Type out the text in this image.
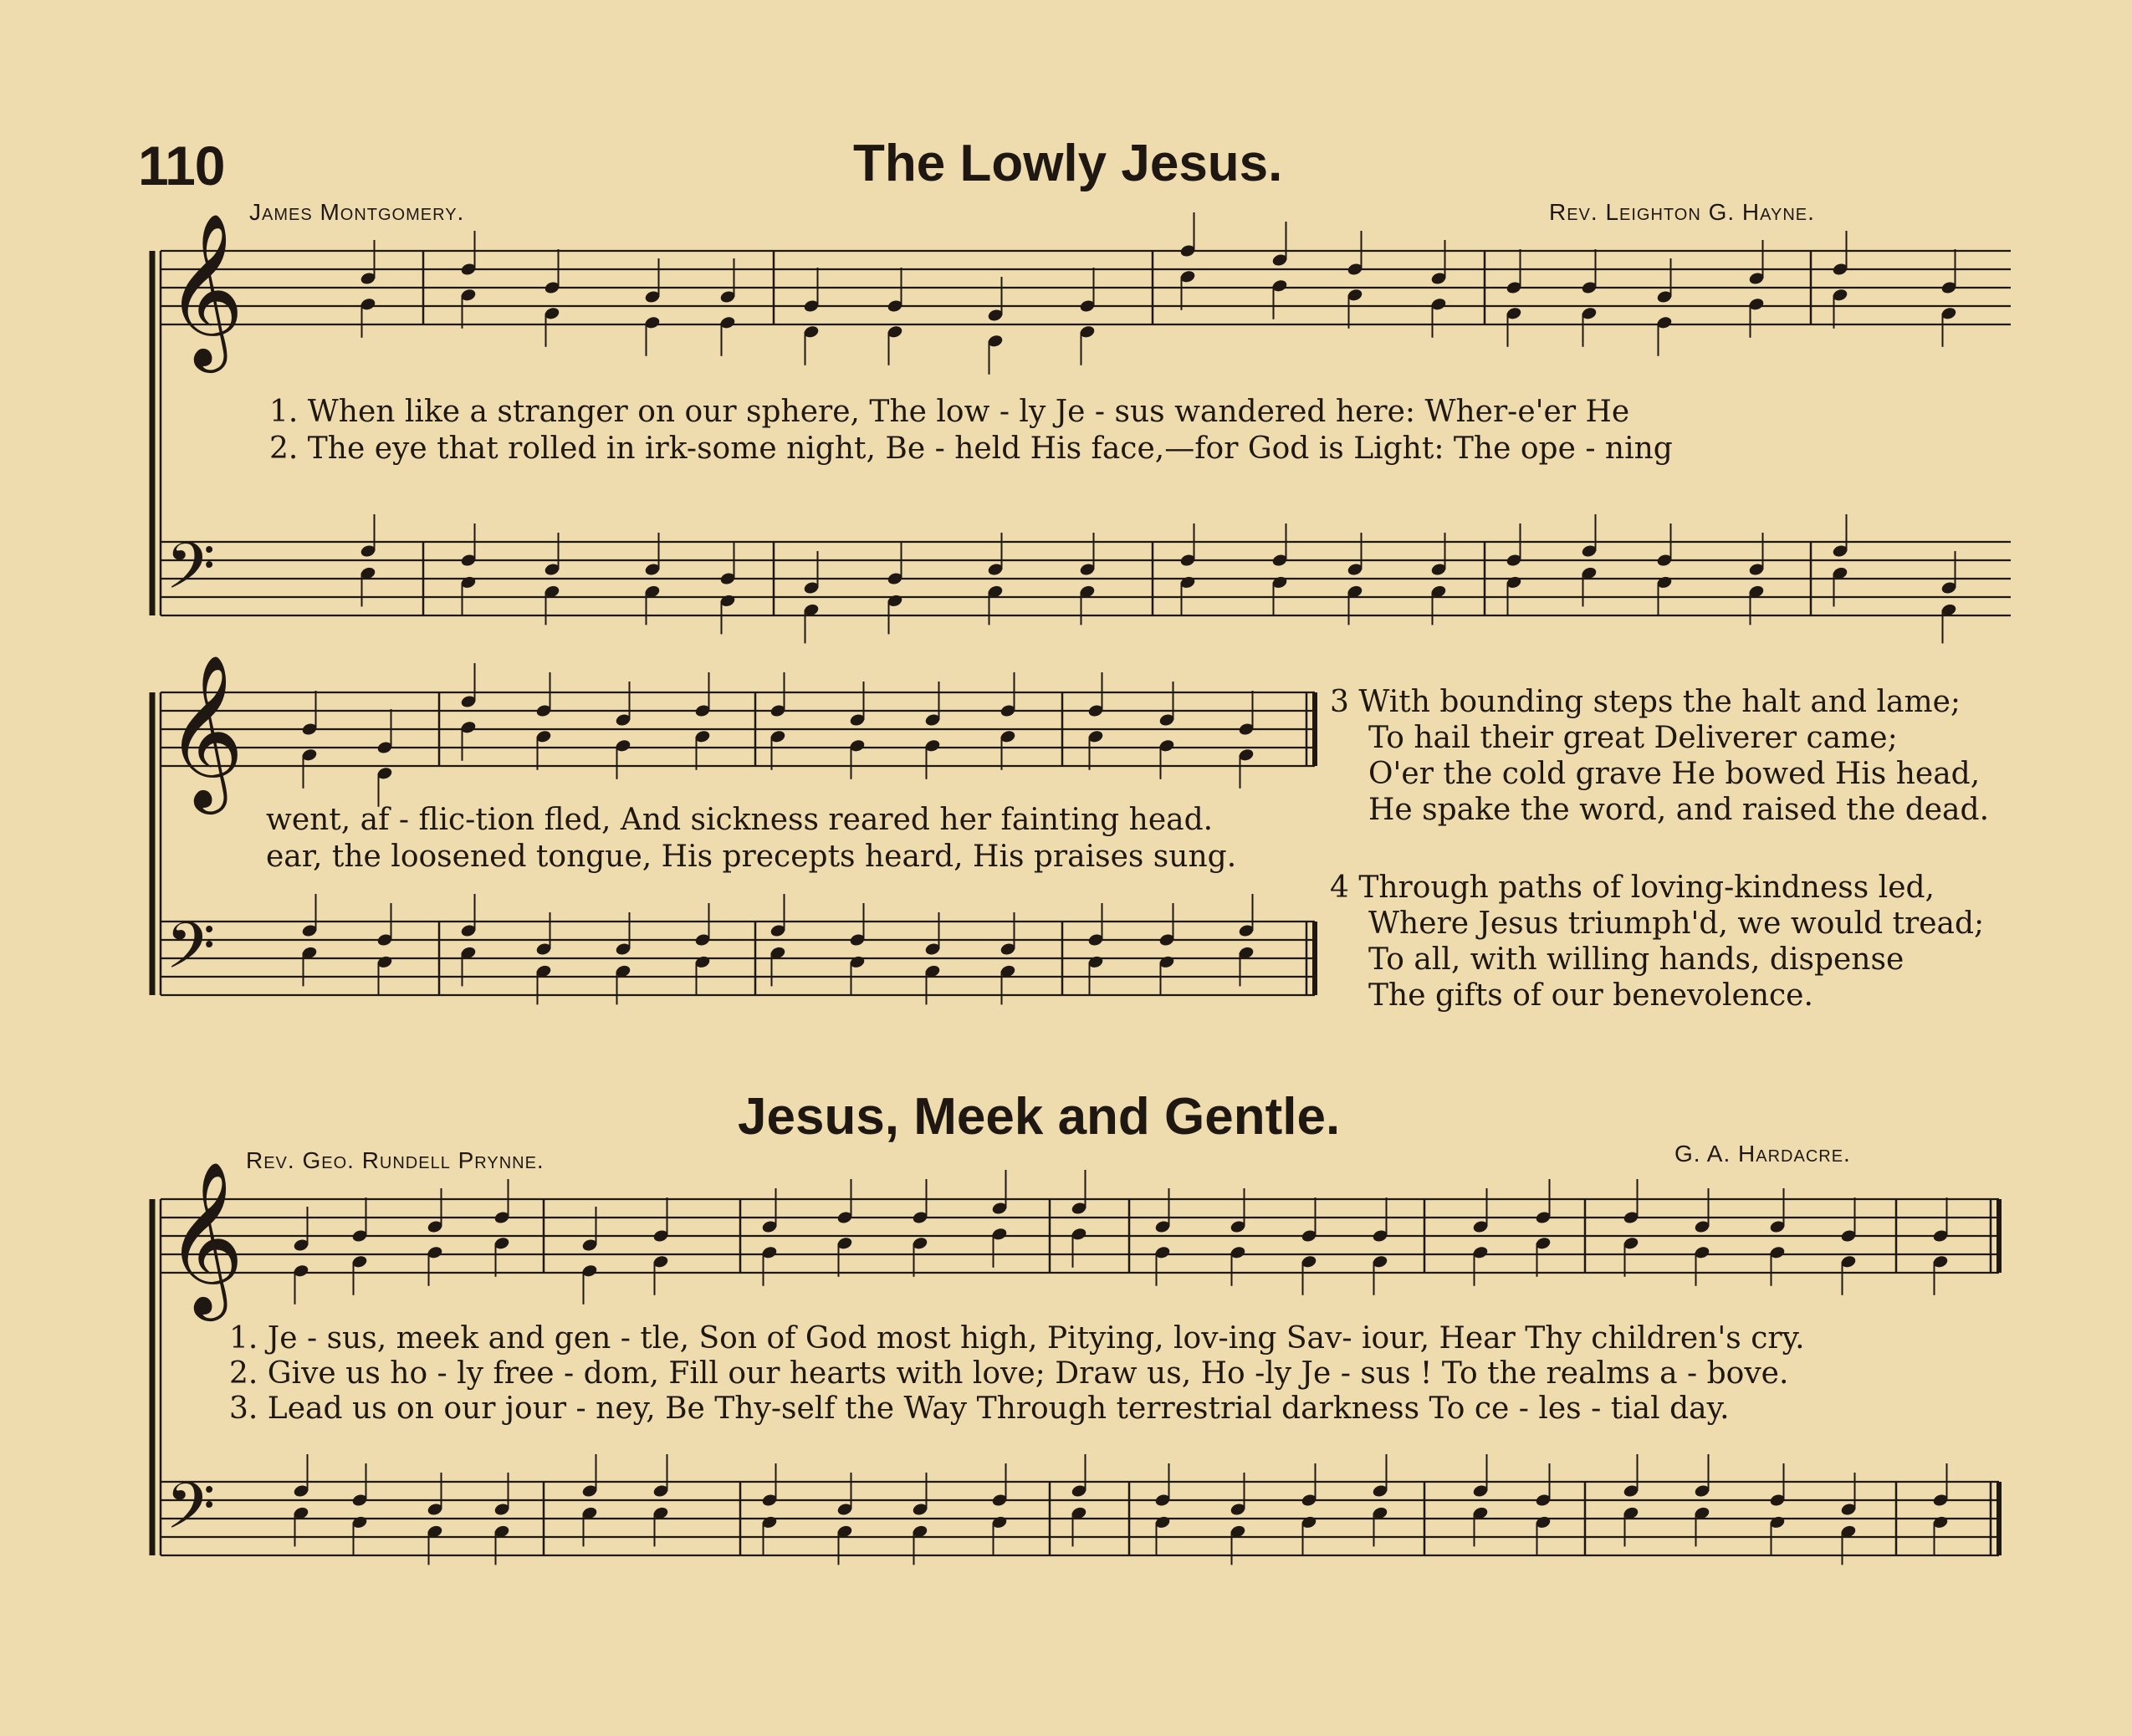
110	The Lowly Jesus.
James Montgomery.	Rev. Leighton G. Hayne.
1. When like a stranger on our sphere, The low - ly Je - sus wandered here: Wher-e'er He
2. The eye that rolled in irk-some night, Be - held His face,—for God is Light: The ope - ning
went, af - flic-tion fled, And sickness reared her fainting head.
ear, the loosened tongue, His precepts heard, His praises sung.
3 With bounding steps the halt and lame;
To hail their great Deliverer came;
O'er the cold grave He bowed His head,
He spake the word, and raised the dead.
4 Through paths of loving-kindness led,
Where Jesus triumph'd, we would tread;
To all, with willing hands, dispense
The gifts of our benevolence.
Jesus, Meek and Gentle.
Rev. Geo. Rundell Prynne.	G. A. Hardacre.
1. Je - sus, meek and gen - tle, Son of God most high, Pitying, lov-ing Sav- iour, Hear Thy children's cry.
2. Give us ho - ly free - dom, Fill our hearts with love; Draw us, Ho -ly Je - sus ! To the realms a - bove.
3. Lead us on our jour - ney, Be Thy-self the Way Through terrestrial darkness To ce - les - tial day.
𝄞
𝄢
𝄞
𝄢
𝄞
𝄢
